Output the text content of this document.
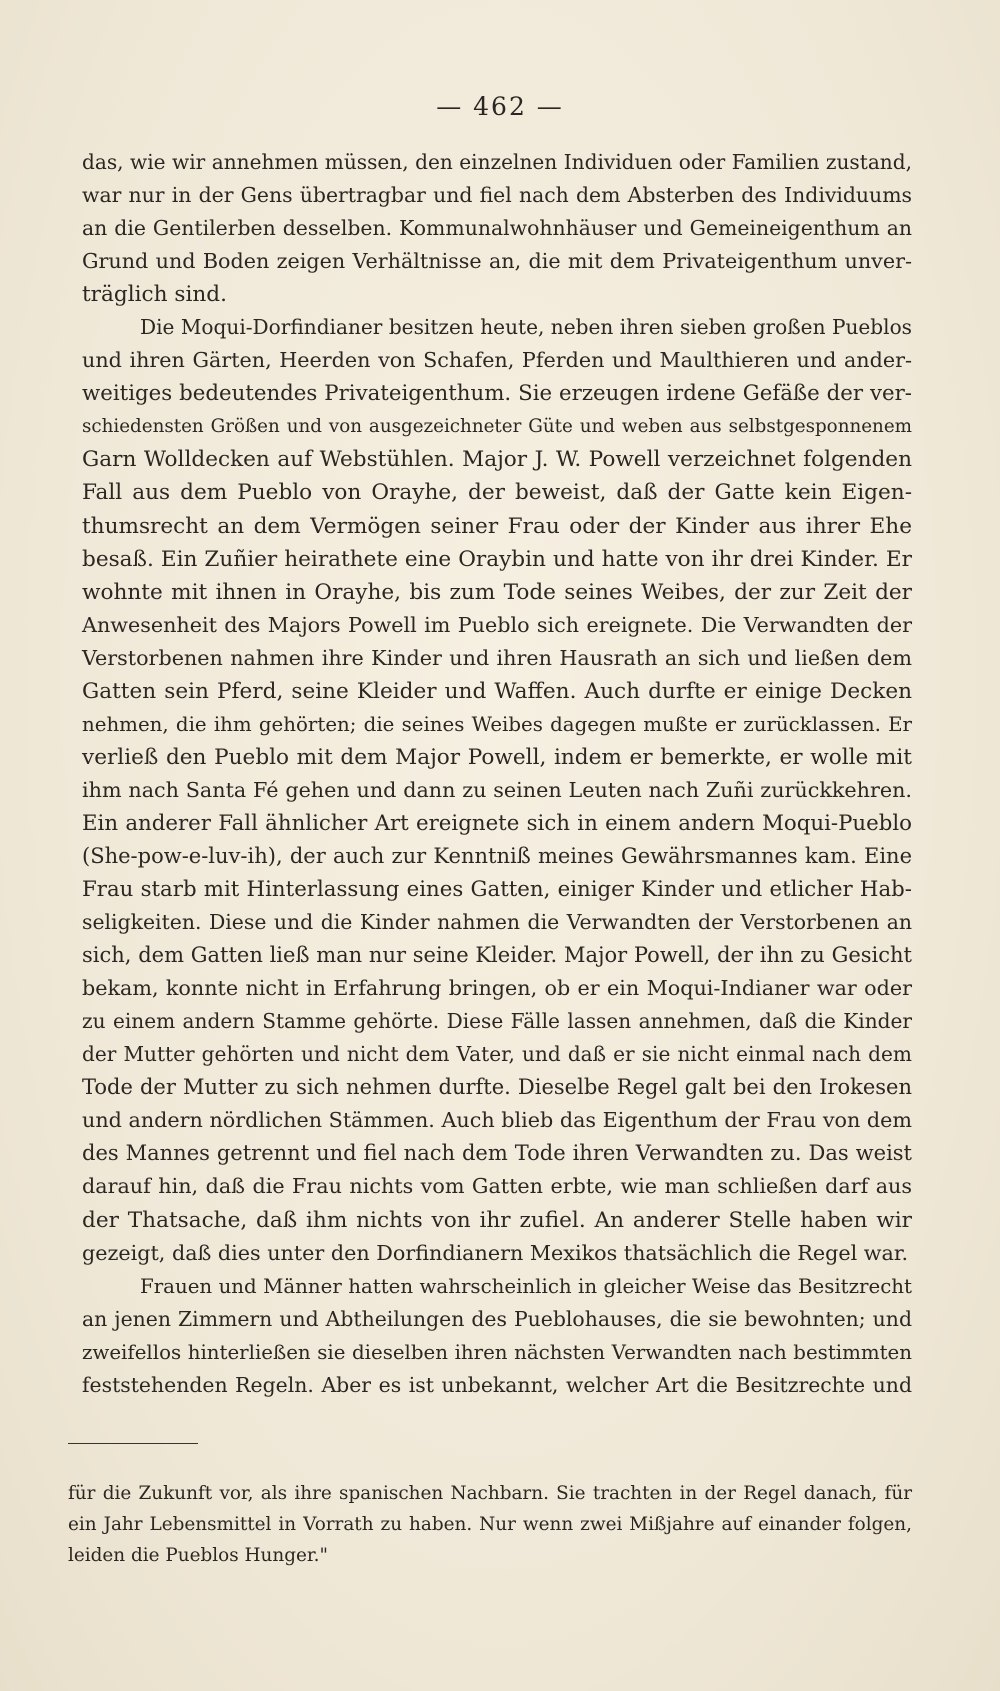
— 462 —
das, wie wir annehmen müssen, den einzelnen Individuen oder Familien zustand,
war nur in der Gens übertragbar und fiel nach dem Absterben des Individuums
an die Gentilerben desselben. Kommunalwohnhäuser und Gemeineigenthum an
Grund und Boden zeigen Verhältnisse an, die mit dem Privateigenthum unver-
träglich sind.
Die Moqui-Dorfindianer besitzen heute, neben ihren sieben großen Pueblos
und ihren Gärten, Heerden von Schafen, Pferden und Maulthieren und ander-
weitiges bedeutendes Privateigenthum. Sie erzeugen irdene Gefäße der ver-
schiedensten Größen und von ausgezeichneter Güte und weben aus selbstgesponnenem
Garn Wolldecken auf Webstühlen. Major J. W. Powell verzeichnet folgenden
Fall aus dem Pueblo von Orayhe, der beweist, daß der Gatte kein Eigen-
thumsrecht an dem Vermögen seiner Frau oder der Kinder aus ihrer Ehe
besaß. Ein Zuñier heirathete eine Oraybin und hatte von ihr drei Kinder. Er
wohnte mit ihnen in Orayhe, bis zum Tode seines Weibes, der zur Zeit der
Anwesenheit des Majors Powell im Pueblo sich ereignete. Die Verwandten der
Verstorbenen nahmen ihre Kinder und ihren Hausrath an sich und ließen dem
Gatten sein Pferd, seine Kleider und Waffen. Auch durfte er einige Decken
nehmen, die ihm gehörten; die seines Weibes dagegen mußte er zurücklassen. Er
verließ den Pueblo mit dem Major Powell, indem er bemerkte, er wolle mit
ihm nach Santa Fé gehen und dann zu seinen Leuten nach Zuñi zurückkehren.
Ein anderer Fall ähnlicher Art ereignete sich in einem andern Moqui-Pueblo
(She-pow-e-luv-ih), der auch zur Kenntniß meines Gewährsmannes kam. Eine
Frau starb mit Hinterlassung eines Gatten, einiger Kinder und etlicher Hab-
seligkeiten. Diese und die Kinder nahmen die Verwandten der Verstorbenen an
sich, dem Gatten ließ man nur seine Kleider. Major Powell, der ihn zu Gesicht
bekam, konnte nicht in Erfahrung bringen, ob er ein Moqui-Indianer war oder
zu einem andern Stamme gehörte. Diese Fälle lassen annehmen, daß die Kinder
der Mutter gehörten und nicht dem Vater, und daß er sie nicht einmal nach dem
Tode der Mutter zu sich nehmen durfte. Dieselbe Regel galt bei den Irokesen
und andern nördlichen Stämmen. Auch blieb das Eigenthum der Frau von dem
des Mannes getrennt und fiel nach dem Tode ihren Verwandten zu. Das weist
darauf hin, daß die Frau nichts vom Gatten erbte, wie man schließen darf aus
der Thatsache, daß ihm nichts von ihr zufiel. An anderer Stelle haben wir
gezeigt, daß dies unter den Dorfindianern Mexikos thatsächlich die Regel war.
Frauen und Männer hatten wahrscheinlich in gleicher Weise das Besitzrecht
an jenen Zimmern und Abtheilungen des Pueblohauses, die sie bewohnten; und
zweifellos hinterließen sie dieselben ihren nächsten Verwandten nach bestimmten
feststehenden Regeln. Aber es ist unbekannt, welcher Art die Besitzrechte und
für die Zukunft vor, als ihre spanischen Nachbarn. Sie trachten in der Regel danach, für
ein Jahr Lebensmittel in Vorrath zu haben. Nur wenn zwei Mißjahre auf einander folgen,
leiden die Pueblos Hunger."
